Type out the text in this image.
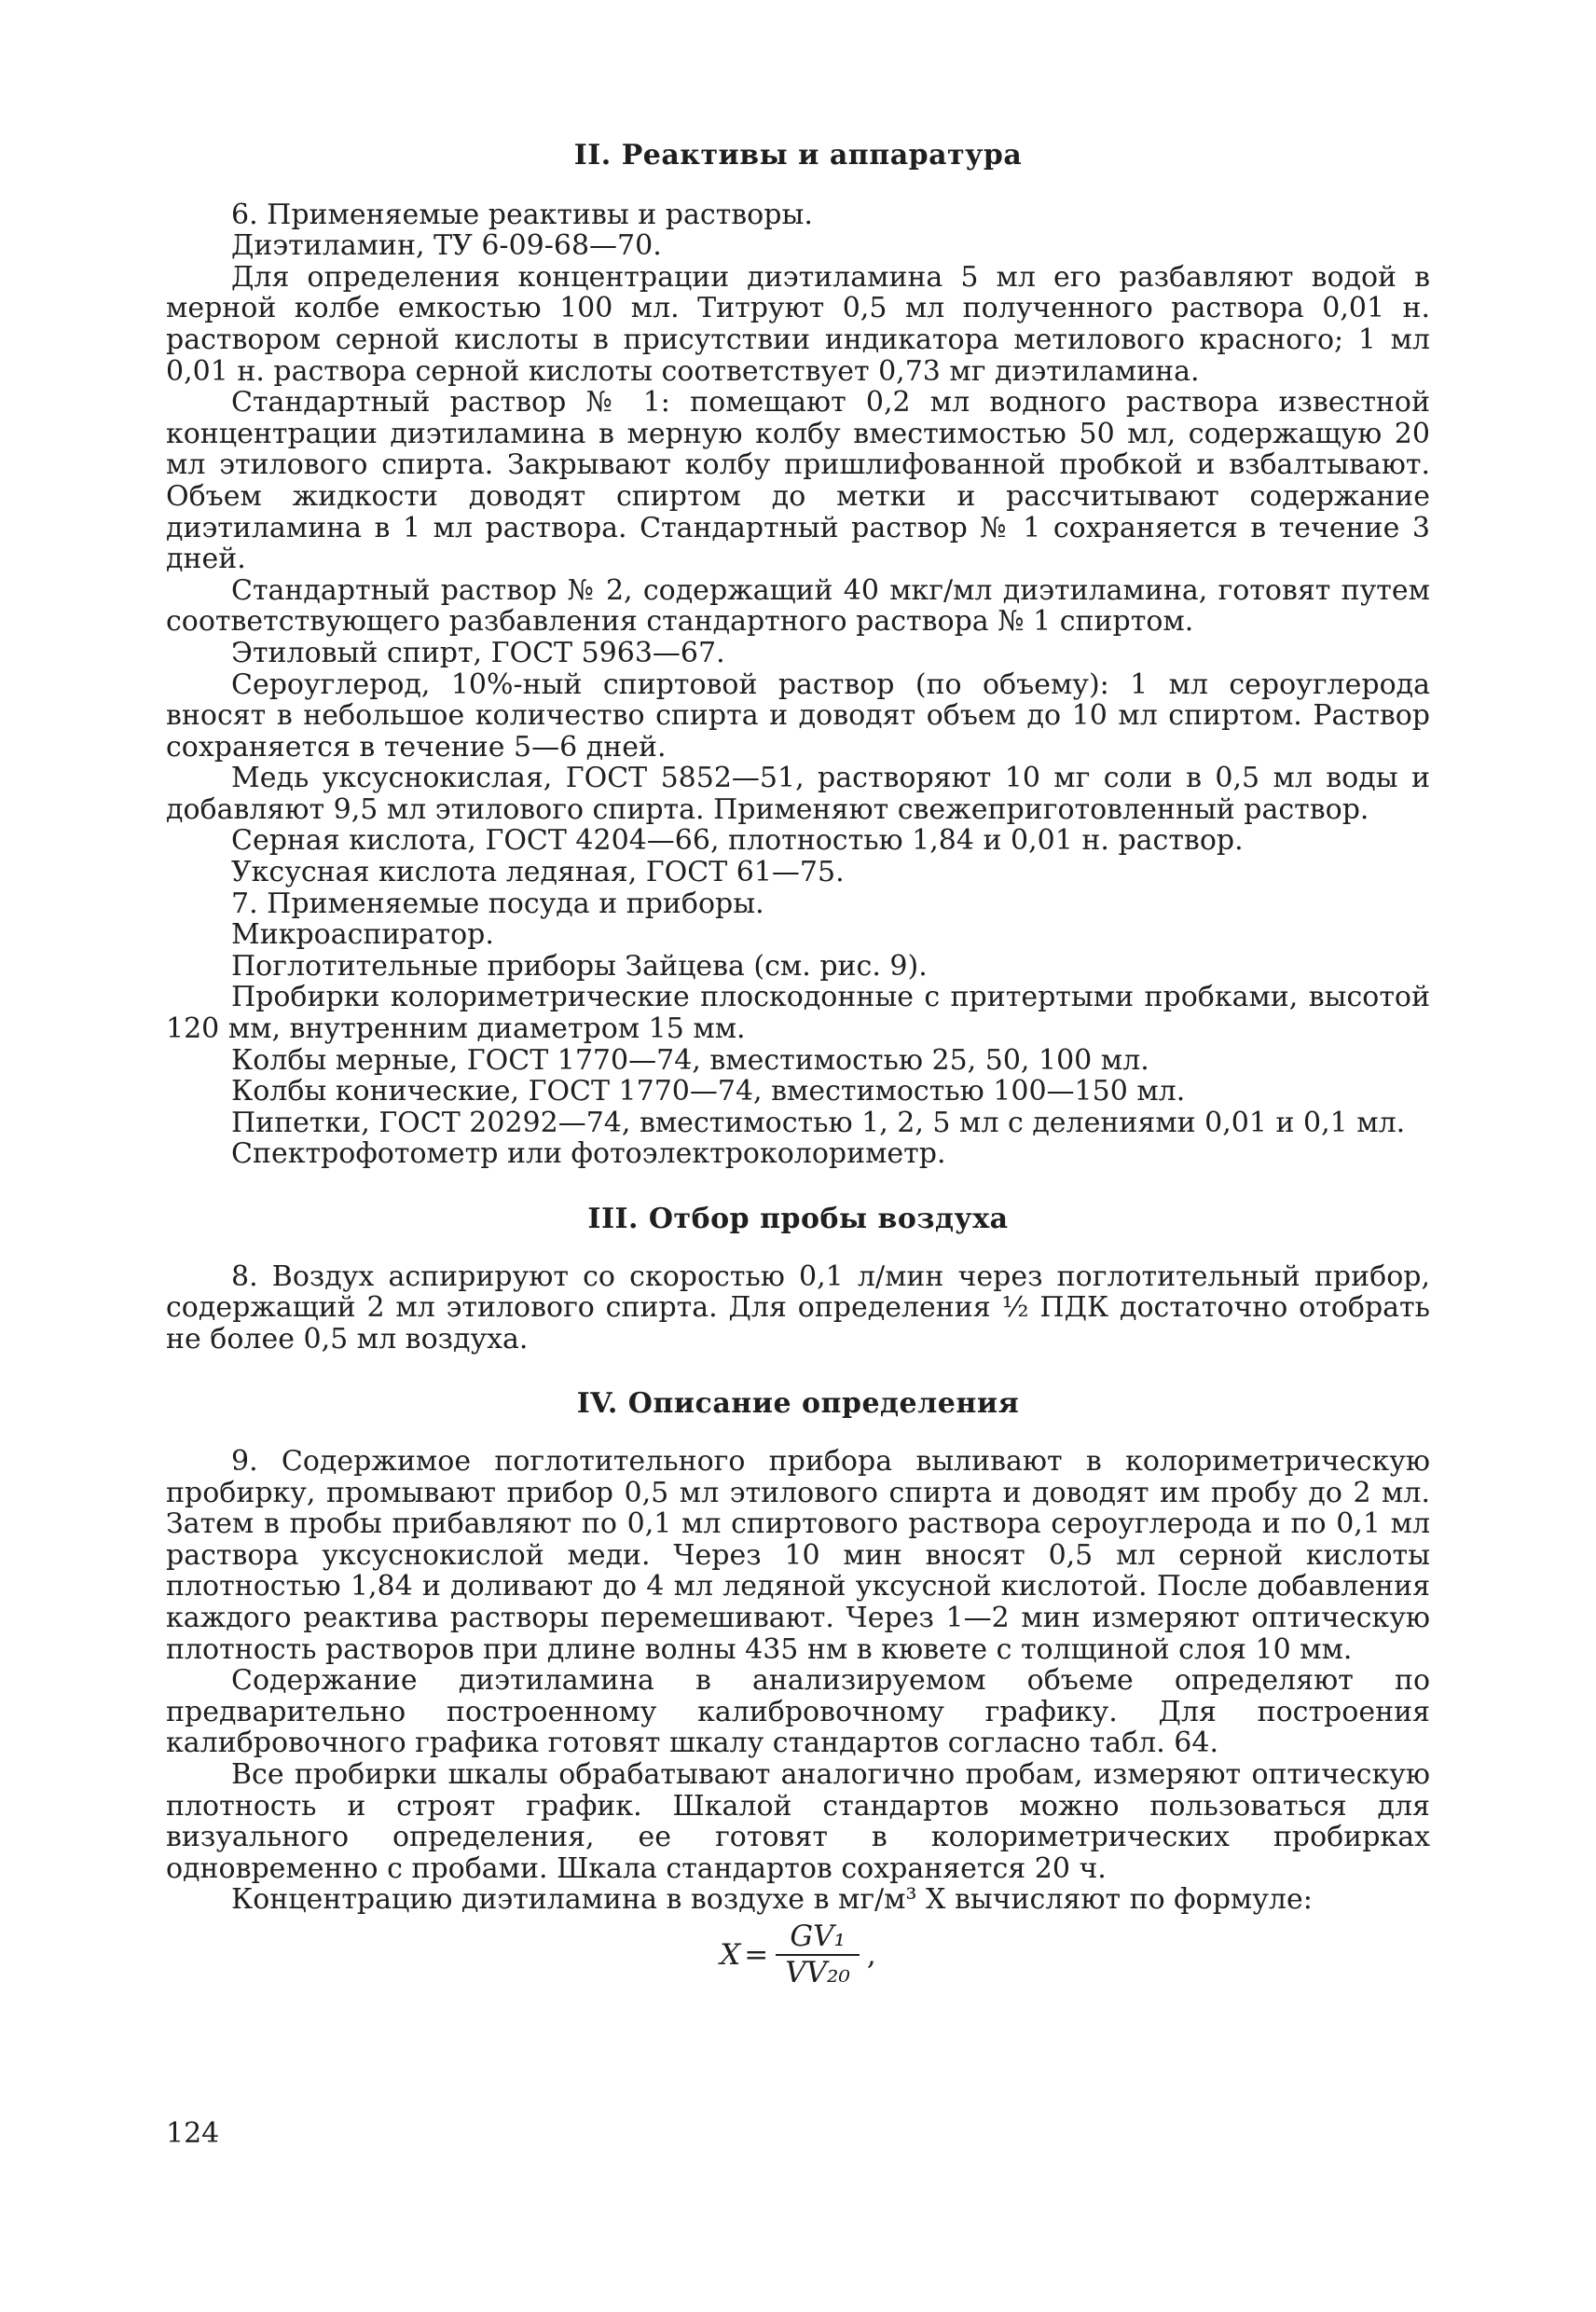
II. Реактивы и аппаратура

6. Применяемые реактивы и растворы.

Диэтиламин, ТУ 6-09-68—70.

Для определения концентрации диэтиламина 5 мл его разбавляют водой в мерной колбе емкостью 100 мл. Титруют 0,5 мл полученного раствора 0,01 н. раствором серной кислоты в присутствии индикатора метилового красного; 1 мл 0,01 н. раствора серной кислоты соответствует 0,73 мг диэтиламина.

Стандартный раствор № 1: помещают 0,2 мл водного раствора известной концентрации диэтиламина в мерную колбу вместимостью 50 мл, содержащую 20 мл этилового спирта. Закрывают колбу пришлифованной пробкой и взбалтывают. Объем жидкости доводят спиртом до метки и рассчитывают содержание диэтиламина в 1 мл раствора. Стандартный раствор № 1 сохраняется в течение 3 дней.

Стандартный раствор № 2, содержащий 40 мкг/мл диэтиламина, готовят путем соответствующего разбавления стандартного раствора № 1 спиртом.

Этиловый спирт, ГОСТ 5963—67.

Сероуглерод, 10%-ный спиртовой раствор (по объему): 1 мл сероуглерода вносят в небольшое количество спирта и доводят объем до 10 мл спиртом. Раствор сохраняется в течение 5—6 дней.

Медь уксуснокислая, ГОСТ 5852—51, растворяют 10 мг соли в 0,5 мл воды и добавляют 9,5 мл этилового спирта. Применяют свежеприготовленный раствор.

Серная кислота, ГОСТ 4204—66, плотностью 1,84 и 0,01 н. раствор.

Уксусная кислота ледяная, ГОСТ 61—75.

7. Применяемые посуда и приборы.

Микроаспиратор.

Поглотительные приборы Зайцева (см. рис. 9).

Пробирки колориметрические плоскодонные с притертыми пробками, высотой 120 мм, внутренним диаметром 15 мм.

Колбы мерные, ГОСТ 1770—74, вместимостью 25, 50, 100 мл.

Колбы конические, ГОСТ 1770—74, вместимостью 100—150 мл.

Пипетки, ГОСТ 20292—74, вместимостью 1, 2, 5 мл с делениями 0,01 и 0,1 мл.

Спектрофотометр или фотоэлектроколориметр.

III. Отбор пробы воздуха

8. Воздух аспирируют со скоростью 0,1 л/мин через поглотительный прибор, содержащий 2 мл этилового спирта. Для определения ½ ПДК достаточно отобрать не более 0,5 мл воздуха.

IV. Описание определения

9. Содержимое поглотительного прибора выливают в колориметрическую пробирку, промывают прибор 0,5 мл этилового спирта и доводят им пробу до 2 мл. Затем в пробы прибавляют по 0,1 мл спиртового раствора сероуглерода и по 0,1 мл раствора уксуснокислой меди. Через 10 мин вносят 0,5 мл серной кислоты плотностью 1,84 и доливают до 4 мл ледяной уксусной кислотой. После добавления каждого реактива растворы перемешивают. Через 1—2 мин измеряют оптическую плотность растворов при длине волны 435 нм в кювете с толщиной слоя 10 мм.

Содержание диэтиламина в анализируемом объеме определяют по предварительно построенному калибровочному графику. Для построения калибровочного графика готовят шкалу стандартов согласно табл. 64.

Все пробирки шкалы обрабатывают аналогично пробам, измеряют оптическую плотность и строят график. Шкалой стандартов можно пользоваться для визуального определения, ее готовят в колориметрических пробирках одновременно с пробами. Шкала стандартов сохраняется 20 ч.

Концентрацию диэтиламина в воздухе в мг/м³ X вычисляют по формуле:

$X = \frac{\text{GV₁}}{\text{VV₂₀}}$ ,
124
